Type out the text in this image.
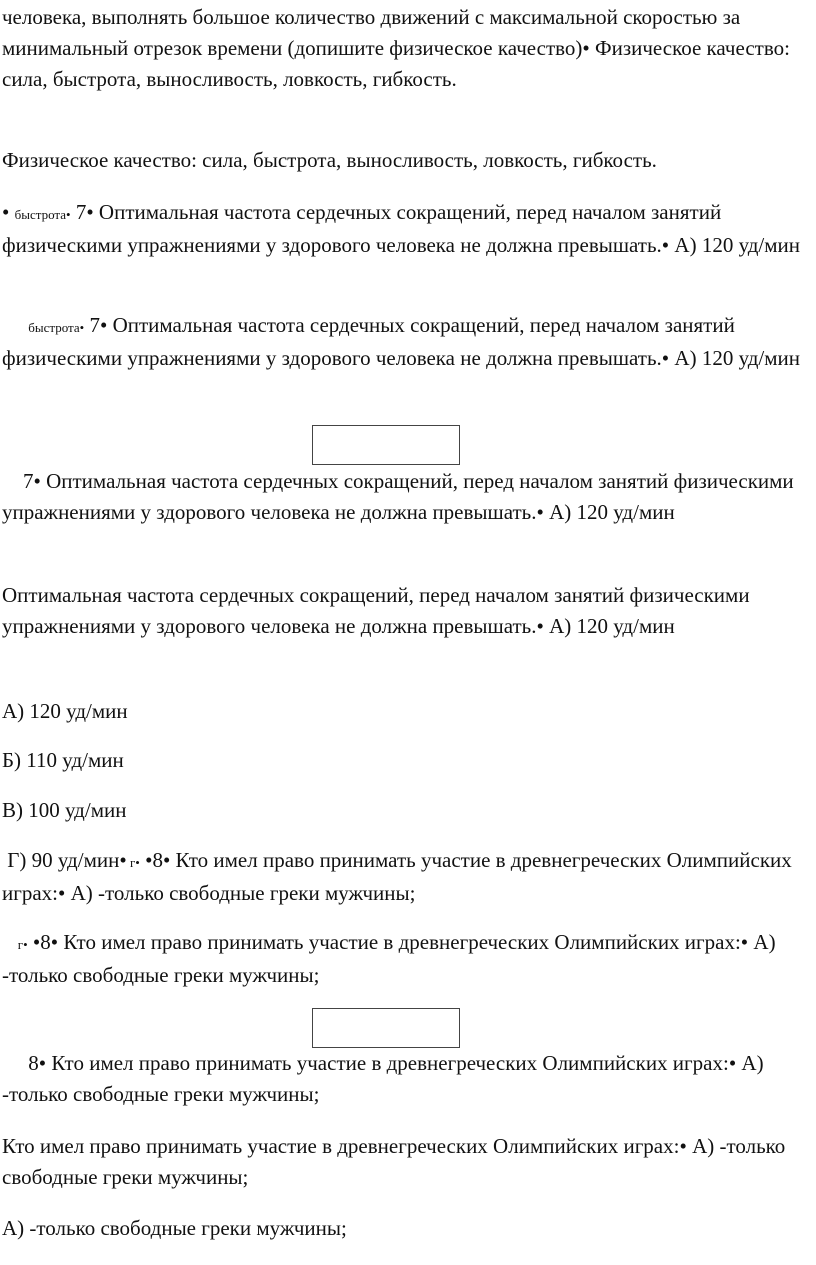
человека, выполнять большое количество движений с максимальной скоростью за минимальный отрезок времени (допишите физическое качество)• Физическое качество: сила, быстрота, выносливость, ловкость, гибкость.

Физическое качество: сила, быстрота, выносливость, ловкость, гибкость.

• быстрота• 7• Оптимальная частота сердечных сокращений, перед началом занятий физическими упражнениями у здорового человека не должна превышать.• А) 120 уд/мин

быстрота• 7• Оптимальная частота сердечных сокращений, перед началом занятий физическими упражнениями у здорового человека не должна превышать.• А) 120 уд/мин

7• Оптимальная частота сердечных сокращений, перед началом занятий физическими упражнениями у здорового человека не должна превышать.• А) 120 уд/мин

Оптимальная частота сердечных сокращений, перед началом занятий физическими упражнениями у здорового человека не должна превышать.• А) 120 уд/мин

А) 120 уд/мин

Б) 110 уд/мин

В) 100 уд/мин

Г) 90 уд/мин• г• •8• Кто имел право принимать участие в древнегреческих Олимпийских играх:• А) -только свободные греки мужчины;

г• •8• Кто имел право принимать участие в древнегреческих Олимпийских играх:• А) -только свободные греки мужчины;

8• Кто имел право принимать участие в древнегреческих Олимпийских играх:• А) -только свободные греки мужчины;

Кто имел право принимать участие в древнегреческих Олимпийских играх:• А) -только свободные греки мужчины;

А) -только свободные греки мужчины;
